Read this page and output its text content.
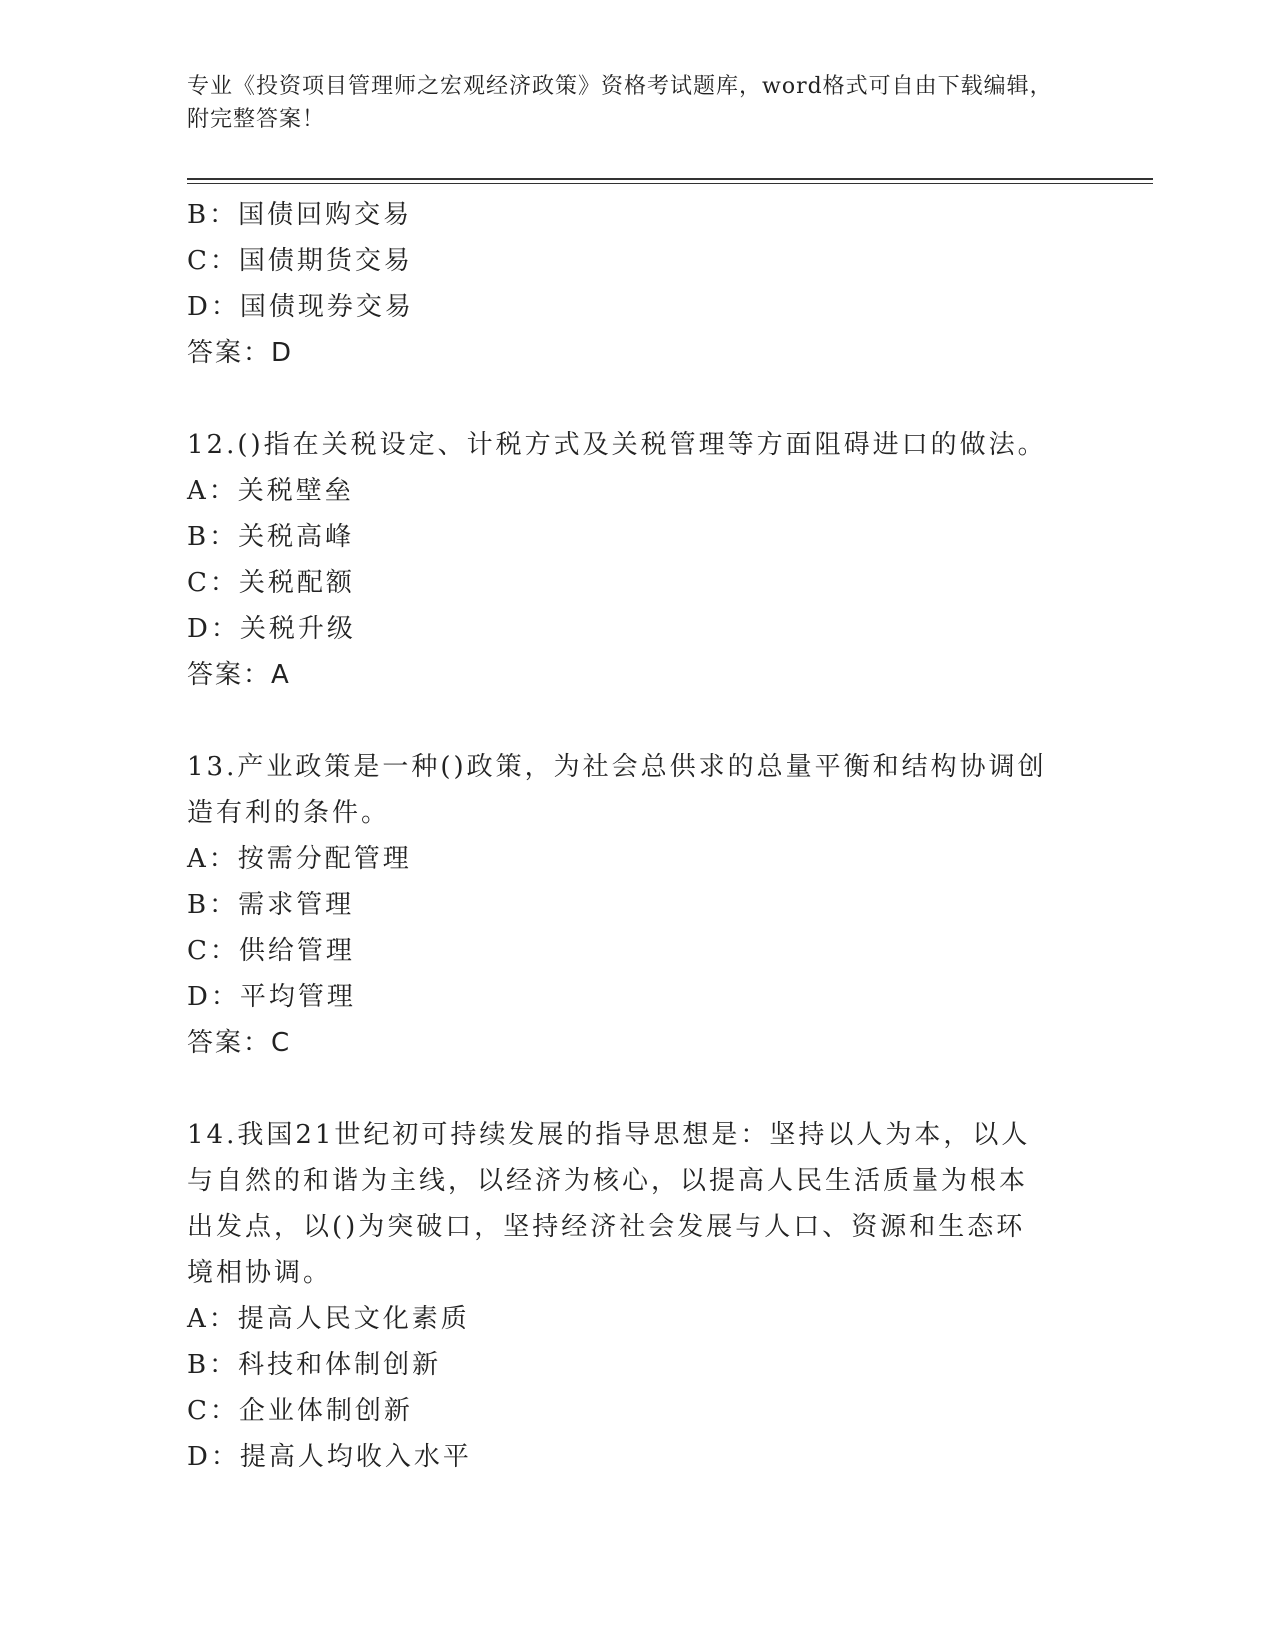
专业《投资项目管理师之宏观经济政策》资格考试题库，word格式可自由下载编辑，附完整答案！
B：国债回购交易
C：国债期货交易
D：国债现券交易
答案：D
12.()指在关税设定、计税方式及关税管理等方面阻碍进口的做法。
A：关税壁垒
B：关税高峰
C：关税配额
D：关税升级
答案：A
13.产业政策是一种()政策，为社会总供求的总量平衡和结构协调创造有利的条件。
A：按需分配管理
B：需求管理
C：供给管理
D：平均管理
答案：C
14.我国21世纪初可持续发展的指导思想是：坚持以人为本，以人与自然的和谐为主线，以经济为核心，以提高人民生活质量为根本出发点，以()为突破口，坚持经济社会发展与人口、资源和生态环境相协调。
A：提高人民文化素质
B：科技和体制创新
C：企业体制创新
D：提高人均收入水平
